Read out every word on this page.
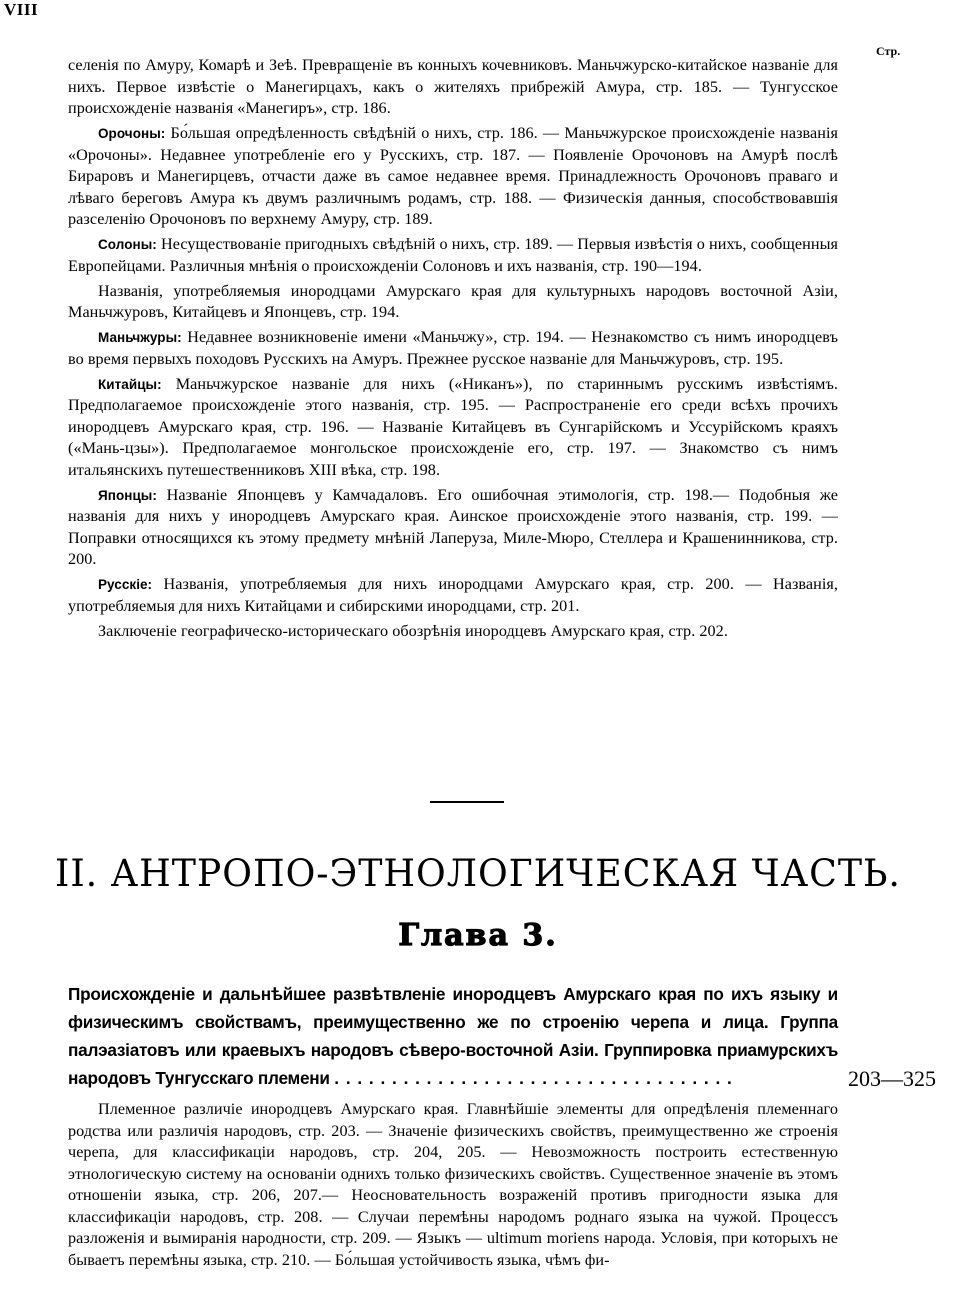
VIII
Стр.

селенія по Амуру, Комарѣ и Зеѣ. Превращеніе въ конныхъ кочевниковъ. Маньчжурско-китайское названіе для нихъ. Первое извѣстіе о Манегирцахъ, какъ о жителяхъ прибрежій Амура, стр. 185. — Тунгусское происхожденіе названія «Манегиръ», стр. 186.

Орочоны: Бо́льшая опредѣленность свѣдѣній о нихъ, стр. 186. — Маньчжурское происхожденіе названія «Орочоны». Недавнее употребленіе его у Русскихъ, стр. 187. — Появленіе Орочоновъ на Амурѣ послѣ Бираровъ и Манегирцевъ, отчасти даже въ самое недавнее время. Принадлежность Орочоновъ праваго и лѣваго береговъ Амура къ двумъ различнымъ родамъ, стр. 188. — Физическія данныя, способствовавшія разселенію Орочоновъ по верхнему Амуру, стр. 189.

Солоны: Несуществованіе пригодныхъ свѣдѣній о нихъ, стр. 189. — Первыя извѣстія о нихъ, сообщенныя Европейцами. Различныя мнѣнія о происхожденіи Солоновъ и ихъ названія, стр. 190—194.

Названія, употребляемыя инородцами Амурскаго края для культурныхъ народовъ восточной Азіи, Маньчжуровъ, Китайцевъ и Японцевъ, стр. 194.

Маньчжуры: Недавнее возникновеніе имени «Маньчжу», стр. 194. — Незнакомство съ нимъ инородцевъ во время первыхъ походовъ Русскихъ на Амуръ. Прежнее русское названіе для Маньчжуровъ, стр. 195.

Китайцы: Маньчжурское названіе для нихъ («Никанъ»), по стариннымъ русскимъ извѣстіямъ. Предполагаемое происхожденіе этого названія, стр. 195. — Распространеніе его среди всѣхъ прочихъ инородцевъ Амурскаго края, стр. 196. — Названіе Китайцевъ въ Сунгарійскомъ и Уссурійскомъ краяхъ («Мань-цзы»). Предполагаемое монгольское происхожденіе его, стр. 197. — Знакомство съ нимъ итальянскихъ путешественниковъ XIII вѣка, стр. 198.

Японцы: Названіе Японцевъ у Камчадаловъ. Его ошибочная этимологія, стр. 198.— Подобныя же названія для нихъ у инородцевъ Амурскаго края. Аинское происхожденіе этого названія, стр. 199. — Поправки относящихся къ этому предмету мнѣній Лаперуза, Миле-Мюро, Стеллера и Крашенинникова, стр. 200.

Русскіе: Названія, употребляемыя для нихъ инородцами Амурскаго края, стр. 200. — Названія, употребляемыя для нихъ Китайцами и сибирскими инородцами, стр. 201.

Заключеніе географическо-историческаго обозрѣнія инородцевъ Амурскаго края, стр. 202.

II. АНТРОПО-ЭТНОЛОГИЧЕСКАЯ ЧАСТЬ.
Глава 3.
Происхожденіе и дальнѣйшее развѣтвленіе инородцевъ Амурскаго края по ихъ языку и физическимъ свойствамъ, преимущественно же по строенію черепа и лица. Группа палэазіатовъ или краевыхъ народовъ сѣверо-восточной Азіи. Группировка приамурскихъ народовъ Тунгусскаго племени . . . . . . . . . . . . . . . . . . . . . . . . . . . . . . . . . . .	203—325

Племенное различіе инородцевъ Амурскаго края. Главнѣйшіе элементы для опредѣленія племеннаго родства или различія народовъ, стр. 203. — Значеніе физическихъ свойствъ, преимущественно же строенія черепа, для классификаціи народовъ, стр. 204, 205. — Невозможность построить естественную этнологическую систему на основаніи однихъ только физическихъ свойствъ. Существенное значеніе въ этомъ отношеніи языка, стр. 206, 207.— Неосновательность возраженій противъ пригодности языка для классификаціи народовъ, стр. 208. — Случаи перемѣны народомъ роднаго языка на чужой. Процессъ разложенія и вымиранія народности, стр. 209. — Языкъ — ultimum moriens народа. Условія, при которыхъ не бываетъ перемѣны языка, стр. 210. — Бо́льшая устойчивость языка, чѣмъ фи-
